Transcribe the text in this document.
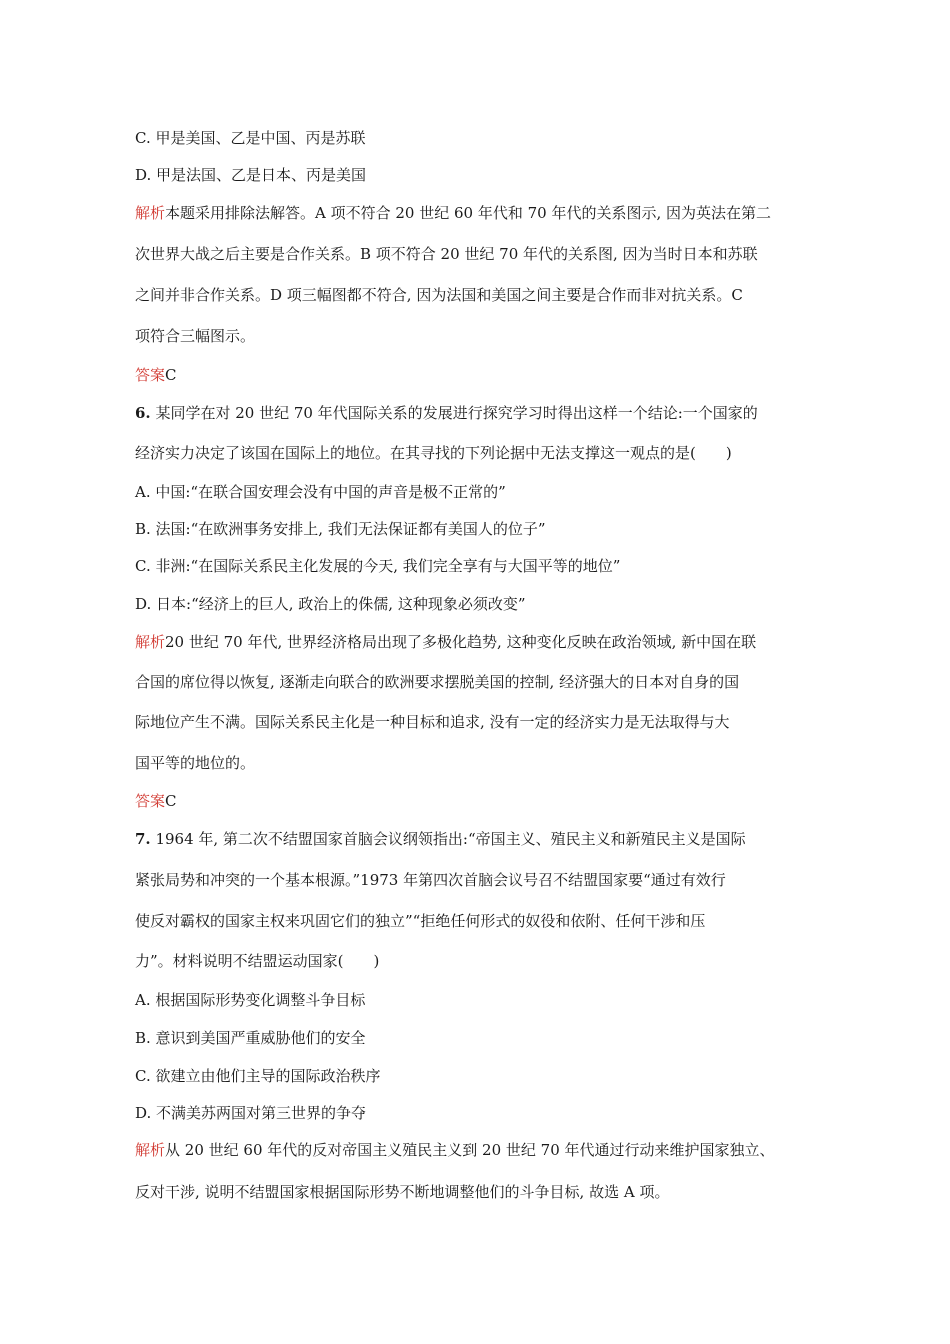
C. 甲是美国、乙是中国、丙是苏联
D. 甲是法国、乙是日本、丙是美国
解析本题采用排除法解答。A 项不符合 20 世纪 60 年代和 70 年代的关系图示, 因为英法在第二
次世界大战之后主要是合作关系。B 项不符合 20 世纪 70 年代的关系图, 因为当时日本和苏联
之间并非合作关系。D 项三幅图都不符合, 因为法国和美国之间主要是合作而非对抗关系。C
项符合三幅图示。
答案C
6. 某同学在对 20 世纪 70 年代国际关系的发展进行探究学习时得出这样一个结论:一个国家的
经济实力决定了该国在国际上的地位。在其寻找的下列论据中无法支撑这一观点的是(　　)
A. 中国:“在联合国安理会没有中国的声音是极不正常的”
B. 法国:“在欧洲事务安排上, 我们无法保证都有美国人的位子”
C. 非洲:“在国际关系民主化发展的今天, 我们完全享有与大国平等的地位”
D. 日本:“经济上的巨人, 政治上的侏儒, 这种现象必须改变”
解析20 世纪 70 年代, 世界经济格局出现了多极化趋势, 这种变化反映在政治领域, 新中国在联
合国的席位得以恢复, 逐渐走向联合的欧洲要求摆脱美国的控制, 经济强大的日本对自身的国
际地位产生不满。国际关系民主化是一种目标和追求, 没有一定的经济实力是无法取得与大
国平等的地位的。
答案C
7. 1964 年, 第二次不结盟国家首脑会议纲领指出:“帝国主义、殖民主义和新殖民主义是国际
紧张局势和冲突的一个基本根源。”1973 年第四次首脑会议号召不结盟国家要“通过有效行
使反对霸权的国家主权来巩固它们的独立”“拒绝任何形式的奴役和依附、任何干涉和压
力”。材料说明不结盟运动国家(　　)
A. 根据国际形势变化调整斗争目标
B. 意识到美国严重威胁他们的安全
C. 欲建立由他们主导的国际政治秩序
D. 不满美苏两国对第三世界的争夺
解析从 20 世纪 60 年代的反对帝国主义殖民主义到 20 世纪 70 年代通过行动来维护国家独立、
反对干涉, 说明不结盟国家根据国际形势不断地调整他们的斗争目标, 故选 A 项。
